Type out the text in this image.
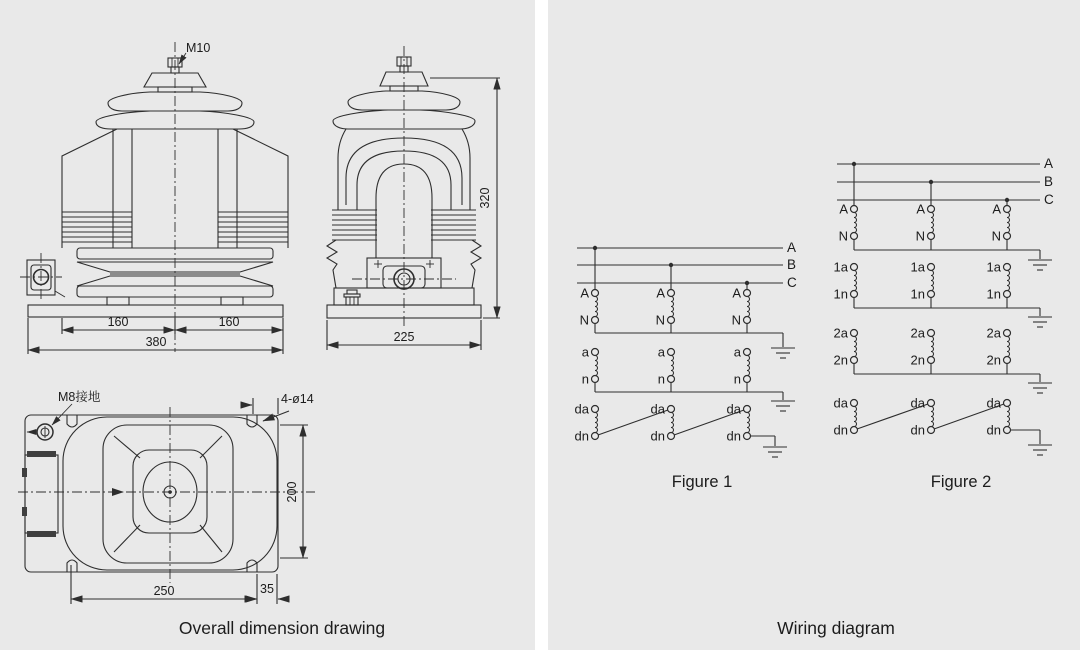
M10
160	160
380
320
225
M8接地	4-ø14
200
250	35
Overall dimension drawing
A
B
C
A	A	A
N	N	N
a	a	a
n	n	n
da	da	da
dn	dn	dn
Figure 1
A
B
C
A	A	A
N	N	N
1a	1a	1a
1n	1n	1n
2a	2a	2a
2n	2n	2n
da	da	da
dn	dn	dn
Figure 2
Wiring diagram
